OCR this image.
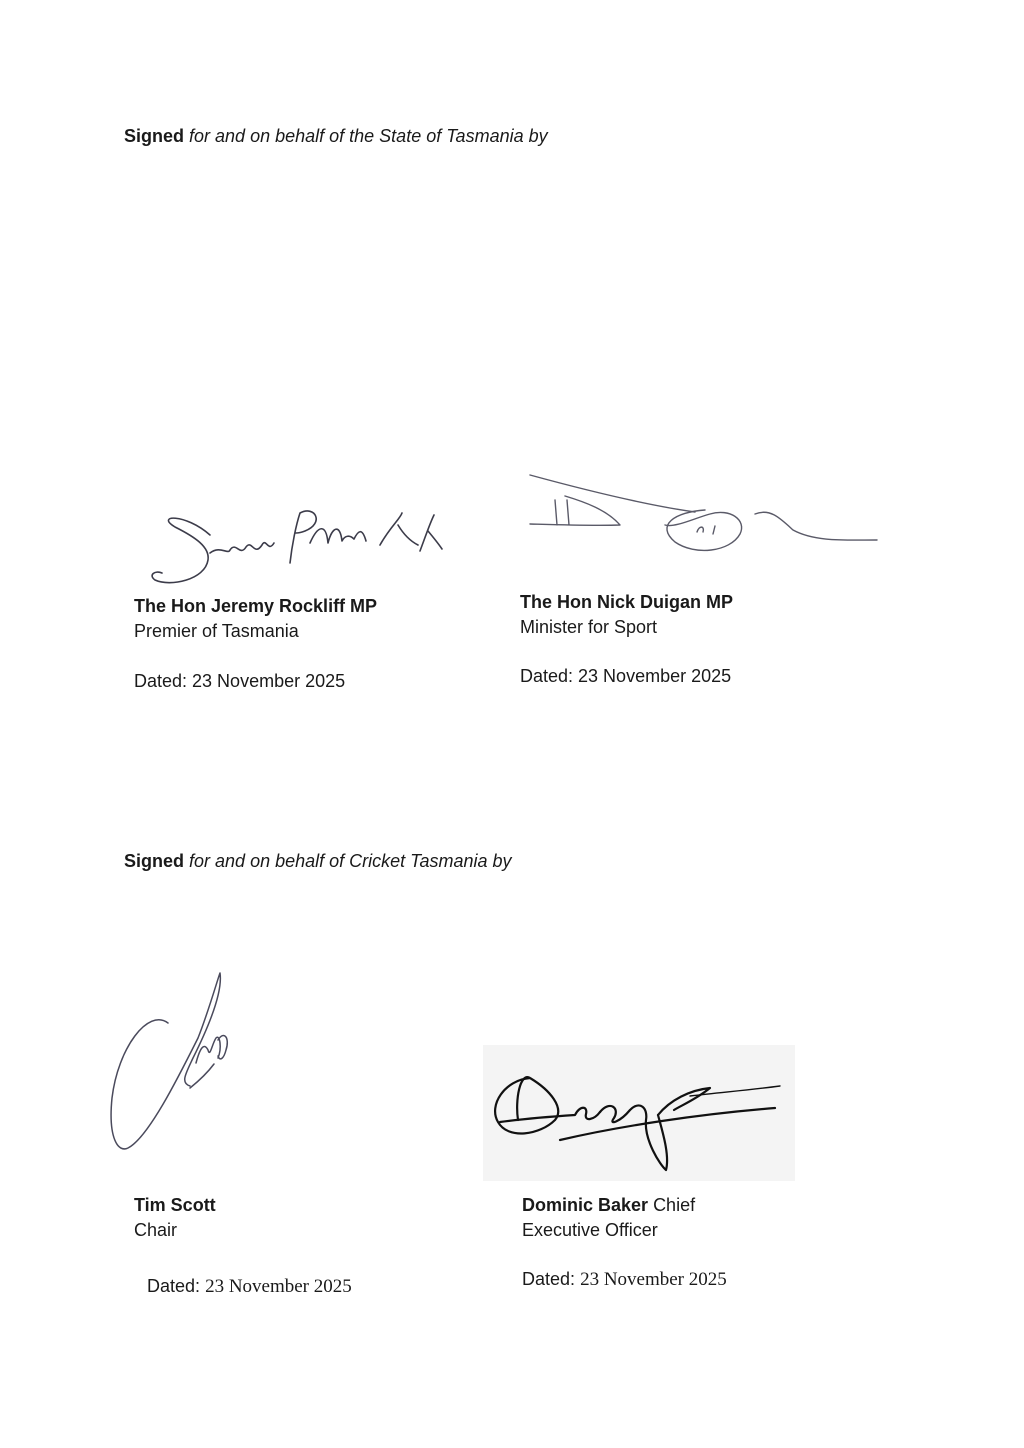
Signed for and on behalf of the State of Tasmania by
The Hon Jeremy Rockliff MP
Premier of Tasmania
Dated: 23 November 2025
The Hon Nick Duigan MP
Minister for Sport
Dated: 23 November 2025
Signed for and on behalf of Cricket Tasmania by
Tim Scott
Chair
Dated: 23 November 2025
Dominic Baker Chief
Executive Officer
Dated: 23 November 2025
